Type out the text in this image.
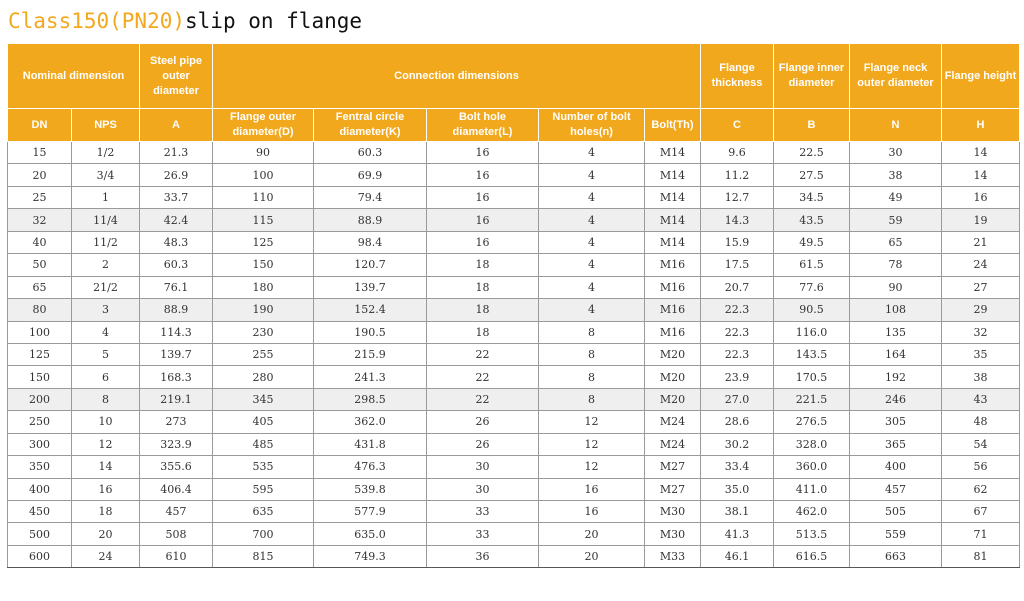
Class150(PN20)slip on flange
Nominal dimension		Steel pipe outer diameter	Connection dimensions					Flange thickness	Flange inner diameter	Flange neck outer diameter	Flange height
DN	NPS	A	Flange outer diameter(D)	Fentral circle diameter(K)	Bolt hole diameter(L)	Number of bolt holes(n)	Bolt(Th)	C	B	N	H
15	1/2	21.3	90	60.3	16	4	M14	9.6	22.5	30	14
20	3/4	26.9	100	69.9	16	4	M14	11.2	27.5	38	14
25	1	33.7	110	79.4	16	4	M14	12.7	34.5	49	16
32	11/4	42.4	115	88.9	16	4	M14	14.3	43.5	59	19
40	11/2	48.3	125	98.4	16	4	M14	15.9	49.5	65	21
50	2	60.3	150	120.7	18	4	M16	17.5	61.5	78	24
65	21/2	76.1	180	139.7	18	4	M16	20.7	77.6	90	27
80	3	88.9	190	152.4	18	4	M16	22.3	90.5	108	29
100	4	114.3	230	190.5	18	8	M16	22.3	116.0	135	32
125	5	139.7	255	215.9	22	8	M20	22.3	143.5	164	35
150	6	168.3	280	241.3	22	8	M20	23.9	170.5	192	38
200	8	219.1	345	298.5	22	8	M20	27.0	221.5	246	43
250	10	273	405	362.0	26	12	M24	28.6	276.5	305	48
300	12	323.9	485	431.8	26	12	M24	30.2	328.0	365	54
350	14	355.6	535	476.3	30	12	M27	33.4	360.0	400	56
400	16	406.4	595	539.8	30	16	M27	35.0	411.0	457	62
450	18	457	635	577.9	33	16	M30	38.1	462.0	505	67
500	20	508	700	635.0	33	20	M30	41.3	513.5	559	71
600	24	610	815	749.3	36	20	M33	46.1	616.5	663	81
